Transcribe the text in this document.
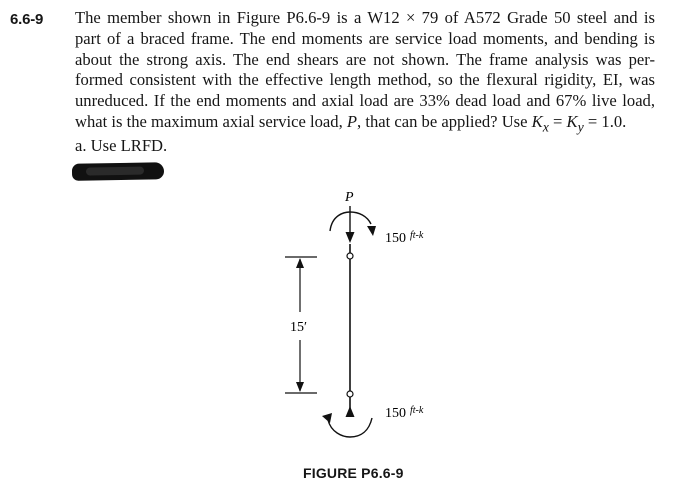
6.6-9 The member shown in Figure P6.6-9 is a W12 × 79 of A572 Grade 50 steel and is
part of a braced frame. The end moments are service load moments, and bending is
about the strong axis. The end shears are not shown. The frame analysis was per-
formed consistent with the effective length method, so the flexural rigidity, EI, was
unreduced. If the end moments and axial load are 33% dead load and 67% live load,
what is the maximum axial service load, P, that can be applied? Use $K_x = K_y = 1.0$.
a. Use LRFD.
P
150 ft-k
150 ft-k
15′
FIGURE P6.6-9
